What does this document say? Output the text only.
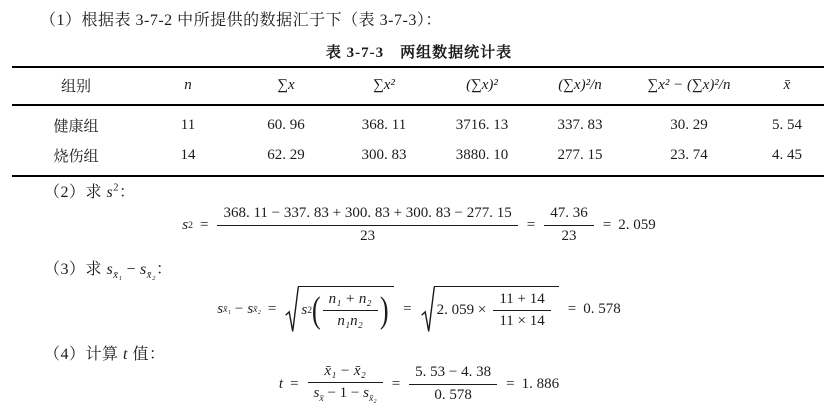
（1）根据表 3-7-2 中所提供的数据汇于下（表 3-7-3）：
表 3-7-3　两组数据统计表
组别	n	∑x	∑x²	(∑x)²	(∑x)²/n	∑x² − (∑x)²/n	x̄
健康组	11	60. 96	368. 11	3716. 13	337. 83	30. 29	5. 54
烧伤组	14	62. 29	300. 83	3880. 10	277. 15	23. 74	4. 45
（2）求 $s^2$：
s $2 = \frac{368. 11 - 337. 83 + 300. 83 + 300. 83 - 277. 15}{23} = \frac{47. 36}{23} = 2$. 059
（3）求 $s_{x̄_1} - s_{x̄_2}$：
s x̄₁ − s x̄₂ = s 2 ( $\frac{\text{n₁ + n₂}}{\text{n₁n₂}}$ ) = 2. $059 \times \frac{11 + 14}{11 \times 14} = 0$. 578
（4）计算 t 值：
$t = \frac{\text{x̄₁ − x̄₂}}{s_{x̄} - 1 - s_{x̄_2}} = \frac{5. 53 - 4. 38}{0. 578} = 1$. 886
